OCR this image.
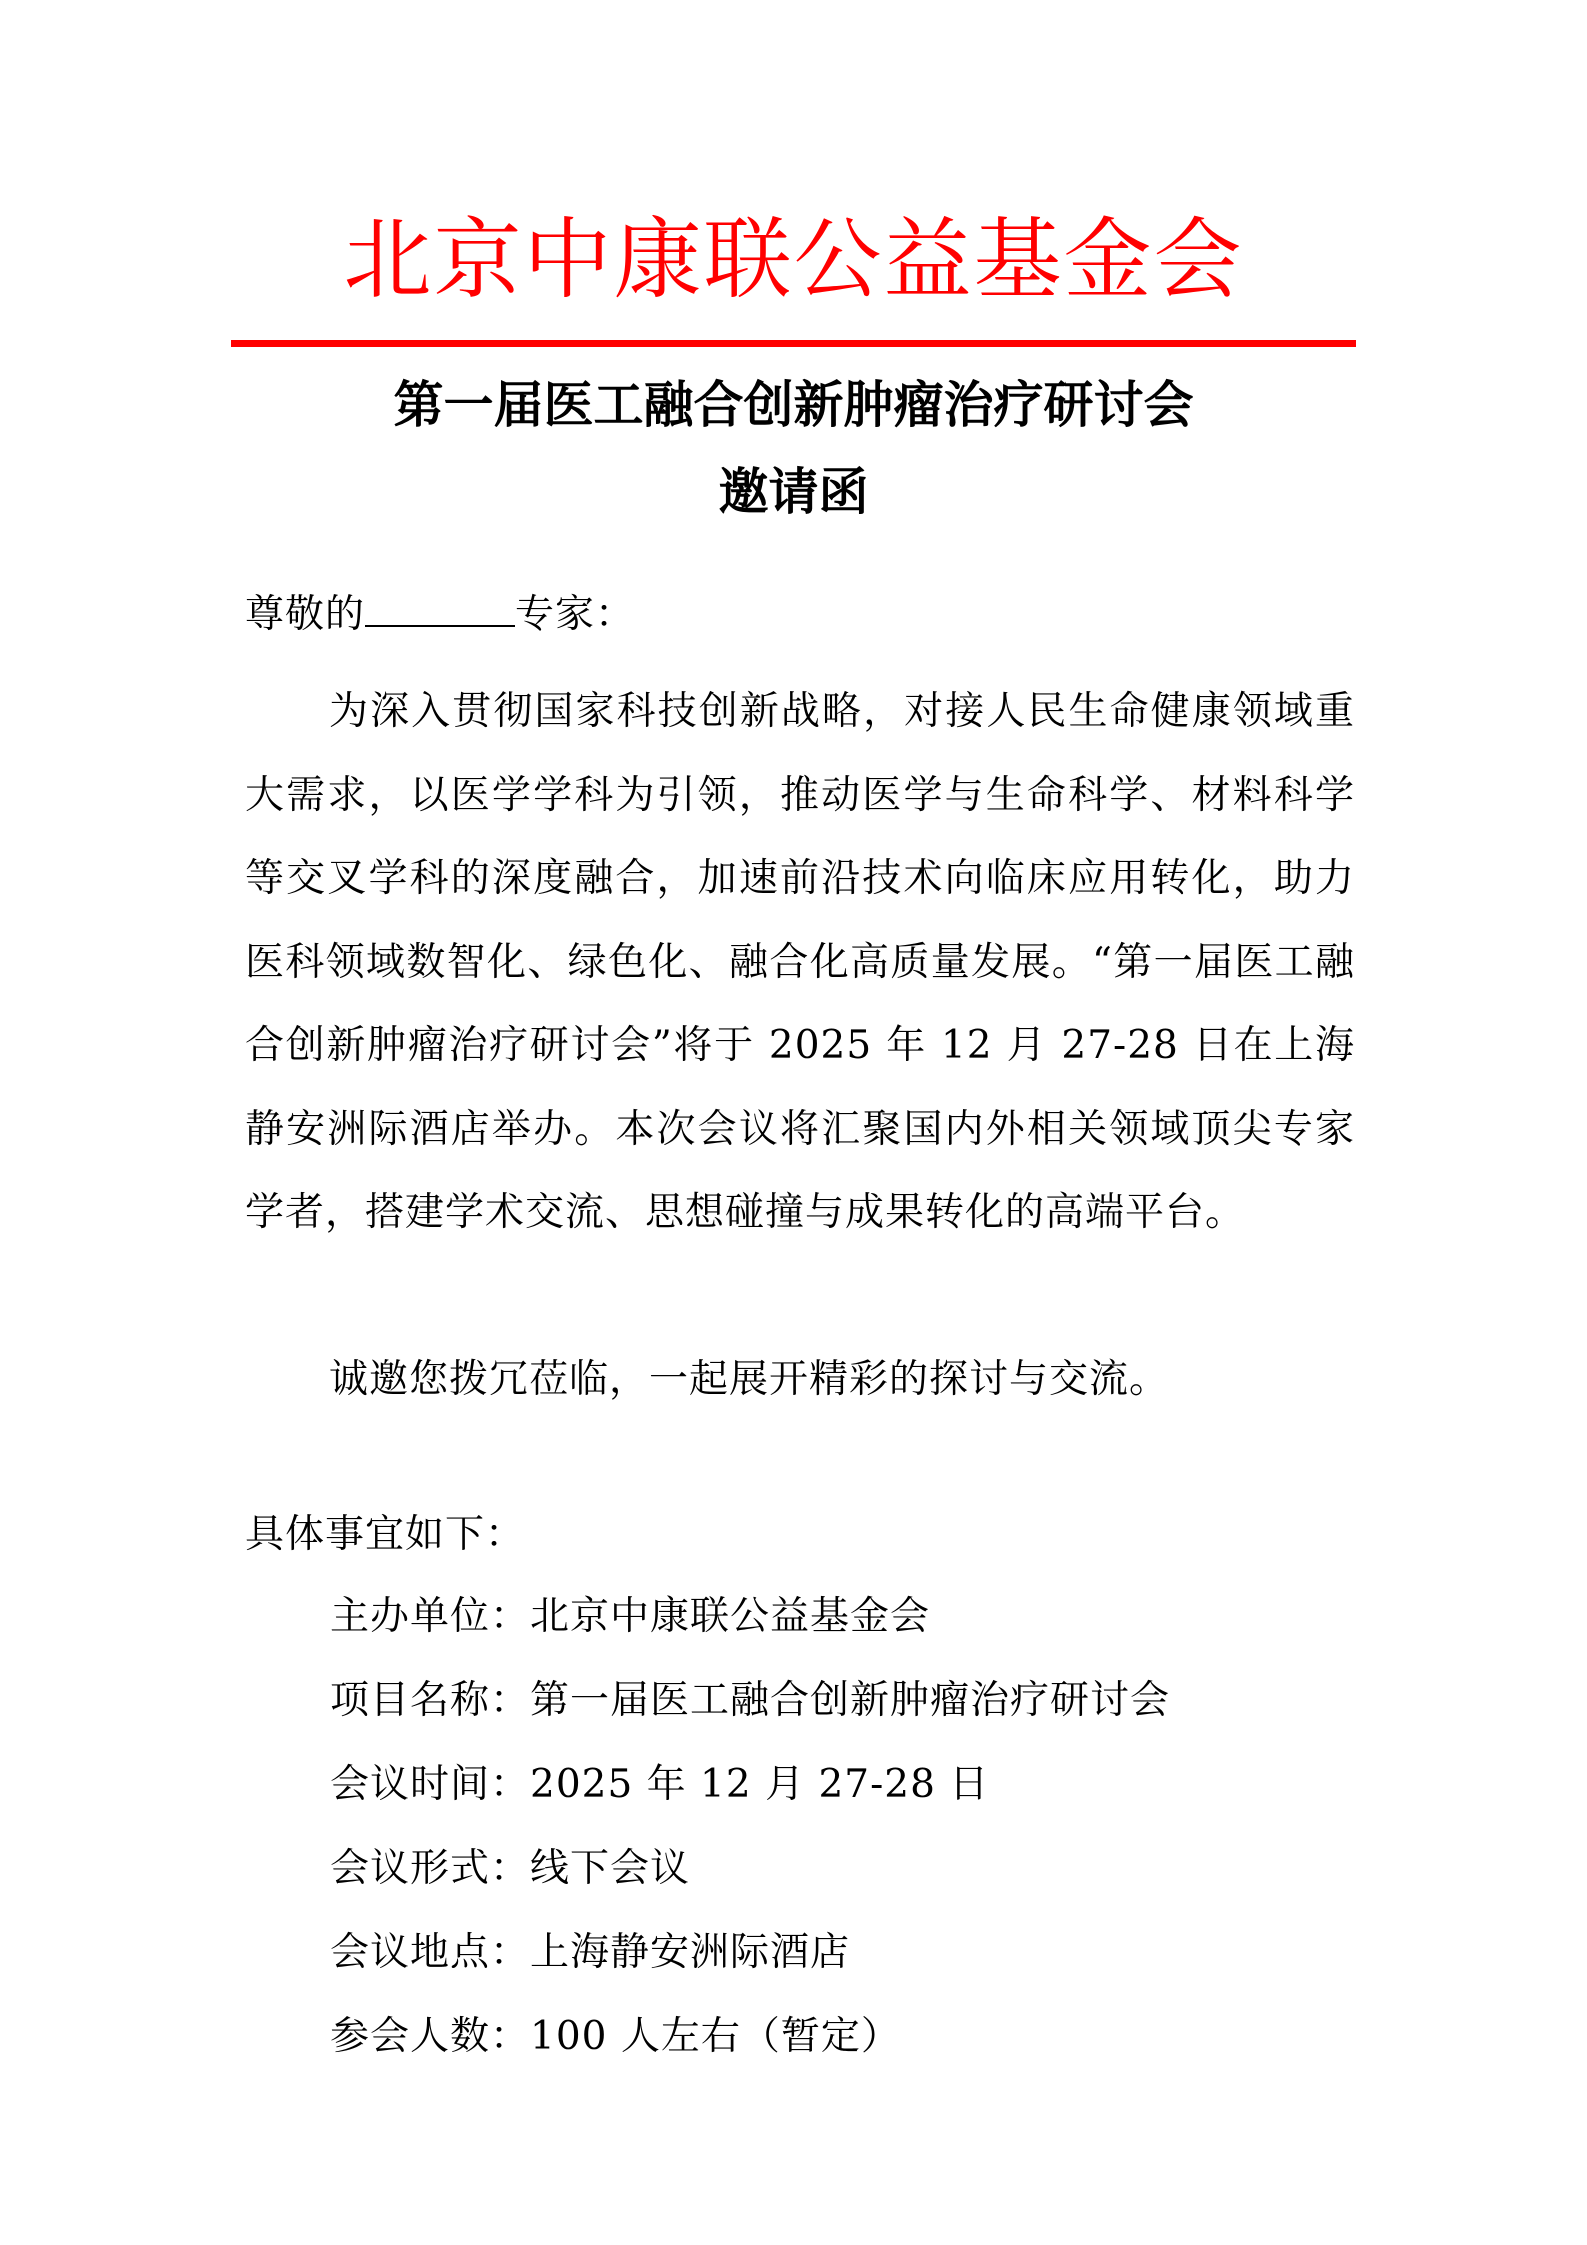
北京中康联公益基金会
第一届医工融合创新肿瘤治疗研讨会
邀请函
尊敬的	专家：
为深入贯彻国家科技创新战略，对接人民生命健康领域重大需求，以医学学科为引领，推动医学与生命科学、材料科学等交叉学科的深度融合，加速前沿技术向临床应用转化，助力医科领域数智化、绿色化、融合化高质量发展。“第一届医工融合创新肿瘤治疗研讨会”将于 2025 年 12 月 27-28 日在上海静安洲际酒店举办。本次会议将汇聚国内外相关领域顶尖专家学者，搭建学术交流、思想碰撞与成果转化的高端平台。
诚邀您拨冗莅临，一起展开精彩的探讨与交流。
具体事宜如下：
主办单位：北京中康联公益基金会
项目名称：第一届医工融合创新肿瘤治疗研讨会
会议时间：2025 年 12 月 27-28 日
会议形式：线下会议
会议地点：上海静安洲际酒店
参会人数：100 人左右（暂定）
